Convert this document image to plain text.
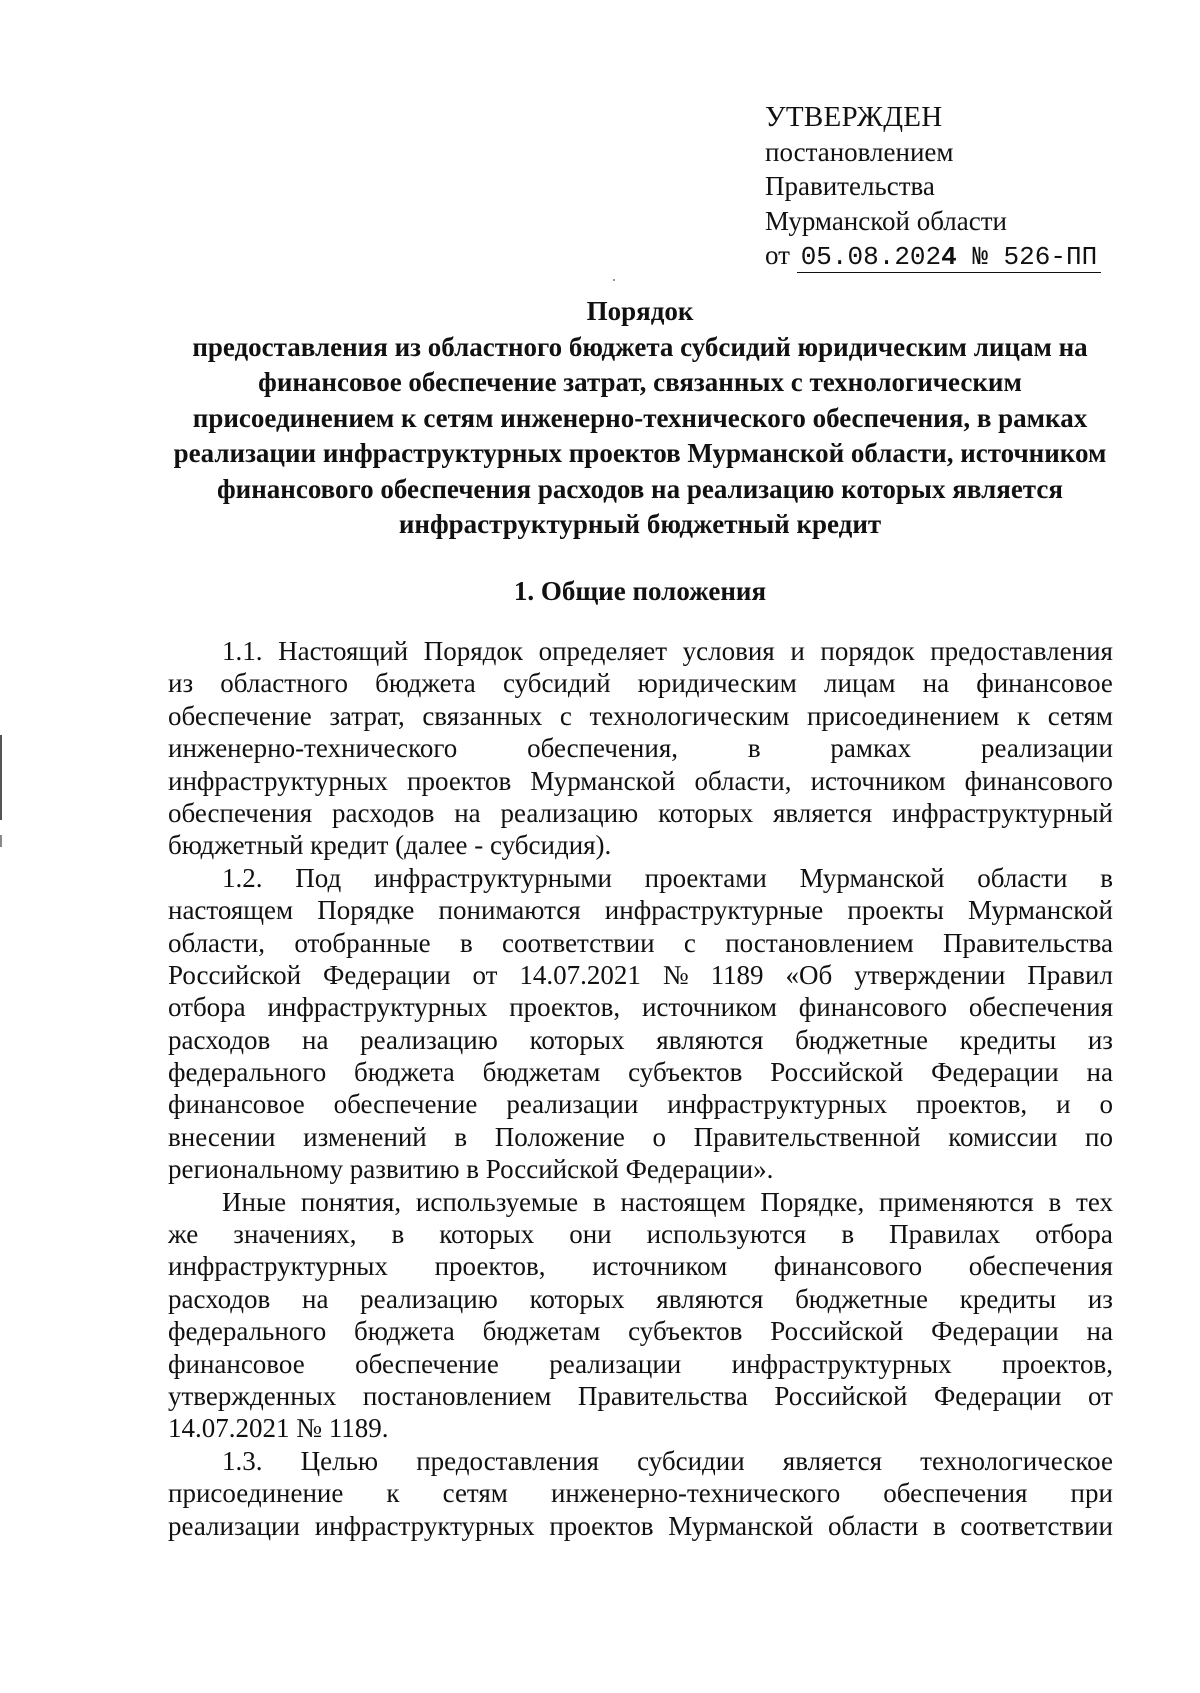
УТВЕРЖДЕН
постановлением
Правительства
Мурманской области
от 05.08.2024 № 526-ПП
Порядок
предоставления из областного бюджета субсидий юридическим лицам на
финансовое обеспечение затрат, связанных с технологическим
присоединением к сетям инженерно-технического обеспечения, в рамках
реализации инфраструктурных проектов Мурманской области, источником
финансового обеспечения расходов на реализацию которых является
инфраструктурный бюджетный кредит
1. Общие положения
1.1. Настоящий Порядок определяет условия и порядок предоставления
из областного бюджета субсидий юридическим лицам на финансовое
обеспечение затрат, связанных с технологическим присоединением к сетям
инженерно-технического	обеспечения,	в	рамках	реализации
инфраструктурных проектов Мурманской области, источником финансового
обеспечения расходов на реализацию которых является инфраструктурный
бюджетный кредит (далее - субсидия).
1.2. Под инфраструктурными проектами Мурманской области в
настоящем Порядке понимаются инфраструктурные проекты Мурманской
области, отобранные в соответствии с постановлением Правительства
Российской Федерации от 14.07.2021 № 1189 «Об утверждении Правил
отбора инфраструктурных проектов, источником финансового обеспечения
расходов на реализацию которых являются бюджетные кредиты из
федерального бюджета бюджетам субъектов Российской Федерации на
финансовое обеспечение реализации инфраструктурных проектов, и о
внесении изменений в Положение о Правительственной комиссии по
региональному развитию в Российской Федерации».
Иные понятия, используемые в настоящем Порядке, применяются в тех
же значениях, в которых они используются в Правилах отбора
инфраструктурных проектов, источником финансового обеспечения
расходов на реализацию которых являются бюджетные кредиты из
федерального бюджета бюджетам субъектов Российской Федерации на
финансовое обеспечение реализации инфраструктурных проектов,
утвержденных постановлением Правительства Российской Федерации от
14.07.2021 № 1189.
1.3. Целью предоставления субсидии является технологическое
присоединение к сетям инженерно-технического обеспечения при
реализации инфраструктурных проектов Мурманской области в соответствии
